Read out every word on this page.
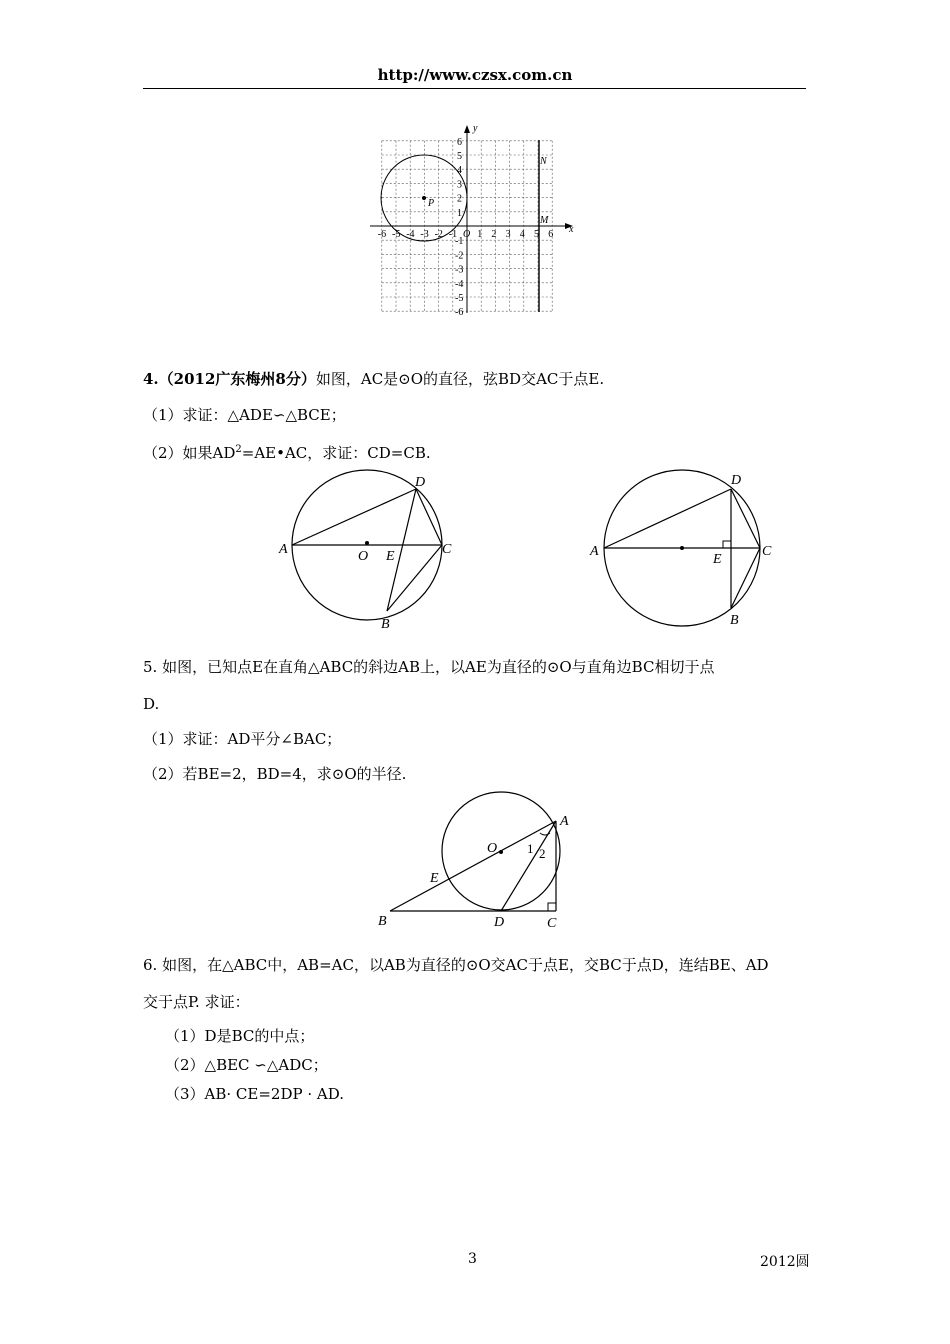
http://www.czsx.com.cn
P
x
y
M
N
-6 -5 -4 -3 -2 -1 O 1 2 3 4 5 6
6
5
4
3
2
1
-1
-2
-3
-4
-5
-6
4.（2012广东梅州8分）如图，AC是⊙O的直径，弦BD交AC于点E.
（1）求证：△ADE∽△BCE；
（2）如果$AD^2=AE•AC$，求证：CD=CB.
A	O E	C
D
B
A
E
C
D
B
5. 如图，已知点E在直角△ABC的斜边AB上，以AE为直径的⊙O与直角边BC相切于点
D.
（1）求证：AD平分∠BAC；
（2）若BE=2，BD=4，求⊙O的半径.
O
A
E
B	D	C
1 2
6. 如图，在△ABC中，AB=AC，以AB为直径的⊙O交AC于点E，交BC于点D，连结BE、AD
交于点P. 求证：
（1）D是BC的中点；
（2）△BEC ∽△ADC；
（3）AB· CE=2DP · AD.
3	2012圆
